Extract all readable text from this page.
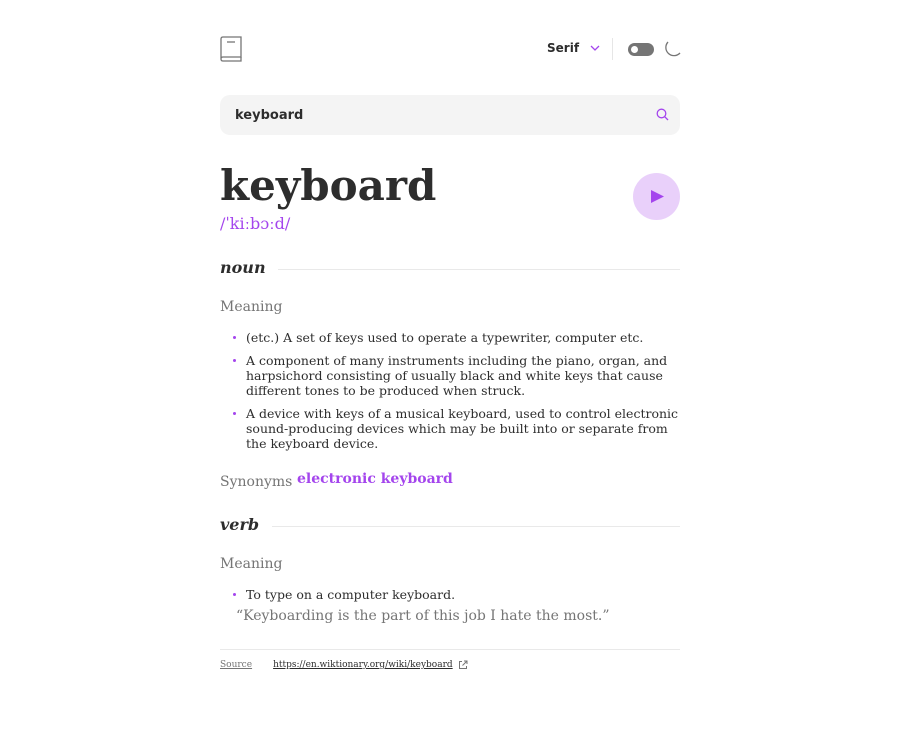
Serif
keyboard
keyboard
/ˈkiːbɔːd/
noun
Meaning
(etc.) A set of keys used to operate a typewriter, computer etc.
A component of many instruments including the piano, organ, and harpsichord consisting of usually black and white keys that cause different tones to be produced when struck.
A device with keys of a musical keyboard, used to control electronic sound-producing devices which may be built into or separate from the keyboard device.
Synonyms electronic keyboard
verb
Meaning
To type on a computer keyboard.
“Keyboarding is the part of this job I hate the most.”
Source https://en.wiktionary.org/wiki/keyboard
